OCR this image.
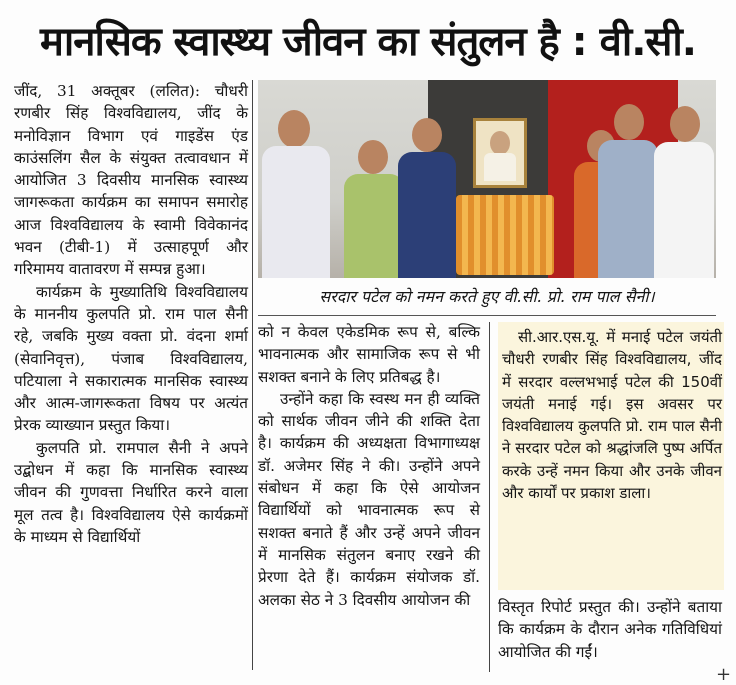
मानसिक स्वास्थ्य जीवन का संतुलन है : वी.सी.

जींद, 31 अक्तूबर (ललित): चौधरी रणबीर सिंह विश्वविद्यालय, जींद के मनोविज्ञान विभाग एवं गाइडेंस एंड काउंसलिंग सैल के संयुक्त तत्वावधान में आयोजित 3 दिवसीय मानसिक स्वास्थ्य जागरूकता कार्यक्रम का समापन समारोह आज विश्वविद्यालय के स्वामी विवेकानंद भवन (टीबी-1) में उत्साहपूर्ण और गरिमामय वातावरण में सम्पन्न हुआ।

कार्यक्रम के मुख्यातिथि विश्वविद्यालय के माननीय कुलपति प्रो. राम पाल सैनी रहे, जबकि मुख्य वक्ता प्रो. वंदना शर्मा (सेवानिवृत्त), पंजाब विश्वविद्यालय, पटियाला ने सकारात्मक मानसिक स्वास्थ्य और आत्म-जागरूकता विषय पर अत्यंत प्रेरक व्याख्यान प्रस्तुत किया।

कुलपति प्रो. रामपाल सैनी ने अपने उद्बोधन में कहा कि मानसिक स्वास्थ्य जीवन की गुणवत्ता निर्धारित करने वाला मूल तत्व है। विश्वविद्यालय ऐसे कार्यक्रमों के माध्यम से विद्यार्थियों

सरदार पटेल को नमन करते हुए वी.सी. प्रो. राम पाल सैनी।

को न केवल एकेडमिक रूप से, बल्कि भावनात्मक और सामाजिक रूप से भी सशक्त बनाने के लिए प्रतिबद्ध है।

उन्होंने कहा कि स्वस्थ मन ही व्यक्ति को सार्थक जीवन जीने की शक्ति देता है। कार्यक्रम की अध्यक्षता विभागाध्यक्ष डॉ. अजेमर सिंह ने की। उन्होंने अपने संबोधन में कहा कि ऐसे आयोजन विद्यार्थियों को भावनात्मक रूप से सशक्त बनाते हैं और उन्हें अपने जीवन में मानसिक संतुलन बनाए रखने की प्रेरणा देते हैं। कार्यक्रम संयोजक डॉ. अलका सेठ ने 3 दिवसीय आयोजन की

सी.आर.एस.यू. में मनाई पटेल जयंती चौधरी रणबीर सिंह विश्वविद्यालय, जींद में सरदार वल्लभभाई पटेल की 150वीं जयंती मनाई गई। इस अवसर पर विश्वविद्यालय कुलपति प्रो. राम पाल सैनी ने सरदार पटेल को श्रद्धांजलि पुष्प अर्पित करके उन्हें नमन किया और उनके जीवन और कार्यों पर प्रकाश डाला।

विस्तृत रिपोर्ट प्रस्तुत की। उन्होंने बताया कि कार्यक्रम के दौरान अनेक गतिविधियां आयोजित की गईं।

+
